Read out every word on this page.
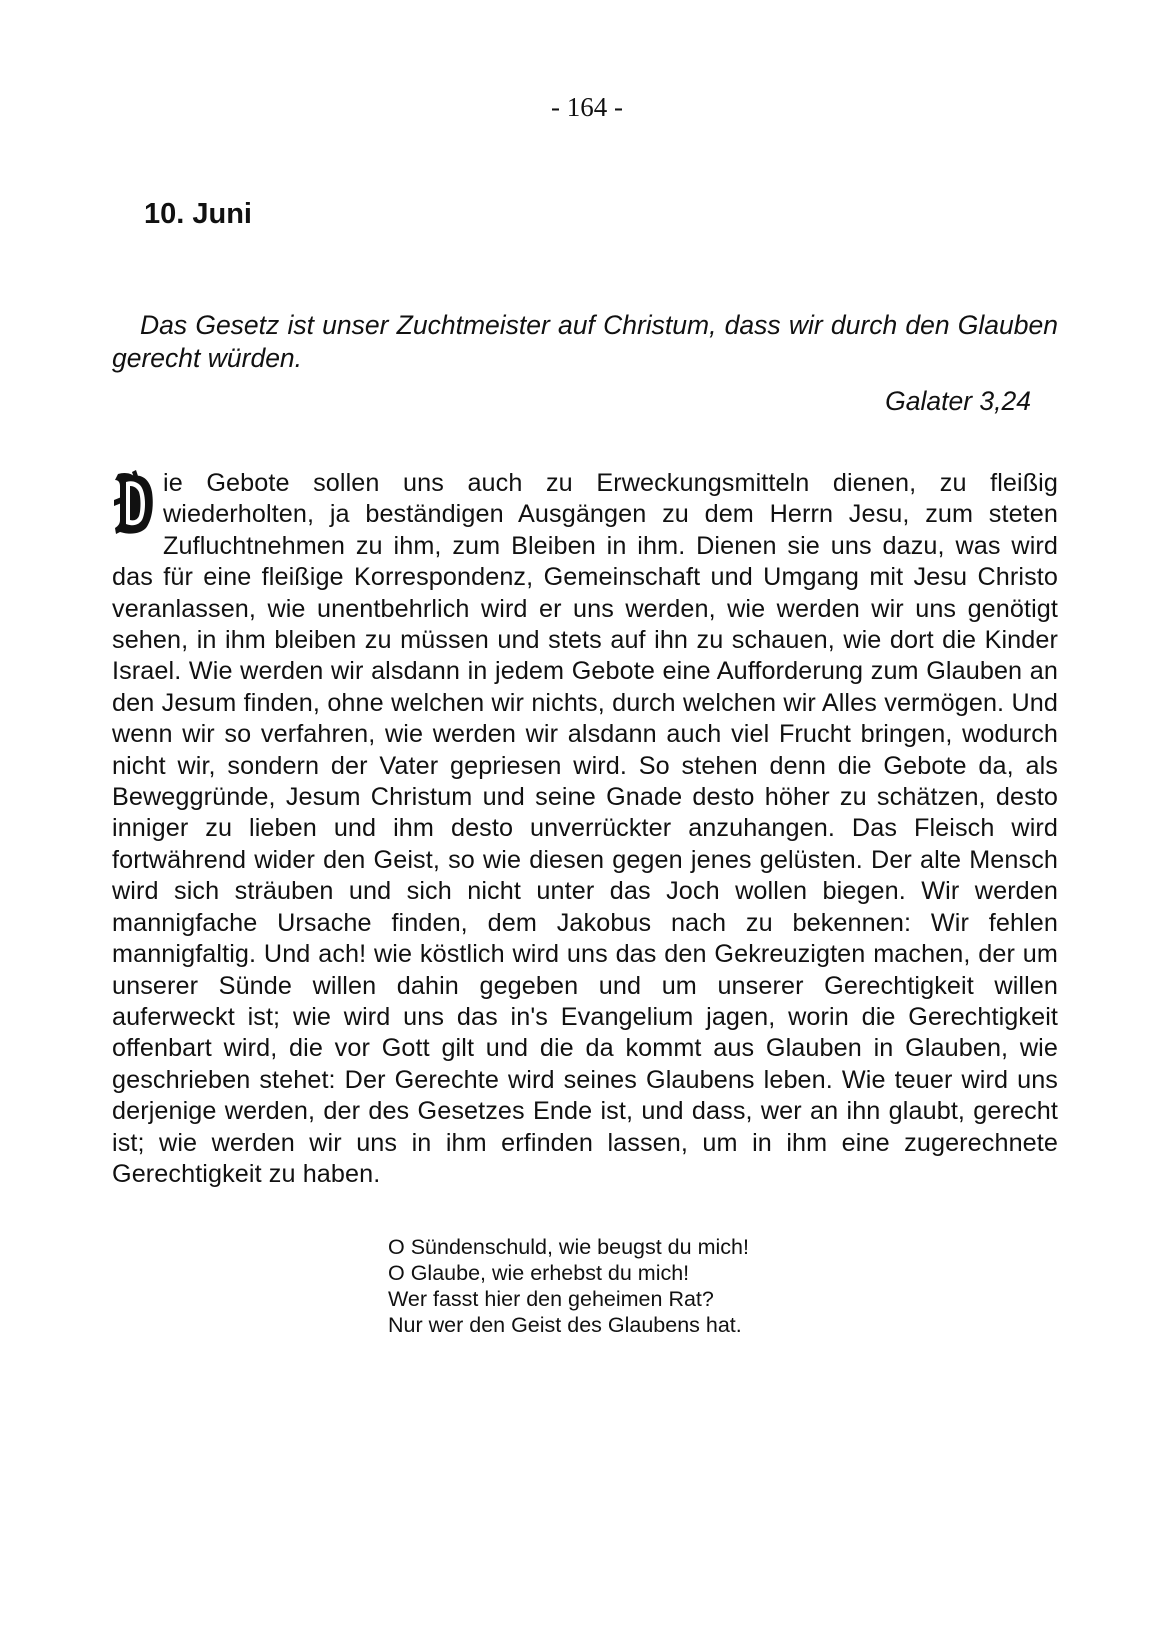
- 164 -
10. Juni

Das Gesetz ist unser Zuchtmeister auf Christum, dass wir durch den Glauben gerecht würden.

Galater 3,24

ie Gebote sollen uns auch zu Erweckungsmitteln dienen, zu fleißig wiederholten, ja beständigen Ausgängen zu dem Herrn Jesu, zum steten Zufluchtnehmen zu ihm, zum Bleiben in ihm. Dienen sie uns dazu, was wird das für eine fleißige Korrespondenz, Gemeinschaft und Umgang mit Jesu Christo veranlassen, wie unentbehrlich wird er uns werden, wie werden wir uns genötigt sehen, in ihm bleiben zu müssen und stets auf ihn zu schauen, wie dort die Kinder Israel. Wie werden wir alsdann in jedem Gebote eine Aufforderung zum Glauben an den Jesum finden, ohne welchen wir nichts, durch welchen wir Alles vermögen. Und wenn wir so verfahren, wie werden wir alsdann auch viel Frucht bringen, wodurch nicht wir, sondern der Vater gepriesen wird. So stehen denn die Gebote da, als Beweggründe, Jesum Christum und seine Gnade desto höher zu schätzen, desto inniger zu lieben und ihm desto unverrückter anzuhangen. Das Fleisch wird fortwährend wider den Geist, so wie diesen gegen jenes gelüsten. Der alte Mensch wird sich sträuben und sich nicht unter das Joch wollen biegen. Wir werden mannigfache Ursache finden, dem Jakobus nach zu bekennen: Wir fehlen mannigfaltig. Und ach! wie köstlich wird uns das den Gekreuzigten machen, der um unserer Sünde willen dahin gegeben und um unserer Gerechtigkeit willen auferweckt ist; wie wird uns das in's Evangelium jagen, worin die Gerechtigkeit offenbart wird, die vor Gott gilt und die da kommt aus Glauben in Glauben, wie geschrieben stehet: Der Gerechte wird seines Glaubens leben. Wie teuer wird uns derjenige werden, der des Gesetzes Ende ist, und dass, wer an ihn glaubt, gerecht ist; wie werden wir uns in ihm erfinden lassen, um in ihm eine zugerechnete Gerechtigkeit zu haben.

O Sündenschuld, wie beugst du mich!
O Glaube, wie erhebst du mich!
Wer fasst hier den geheimen Rat?
Nur wer den Geist des Glaubens hat.
